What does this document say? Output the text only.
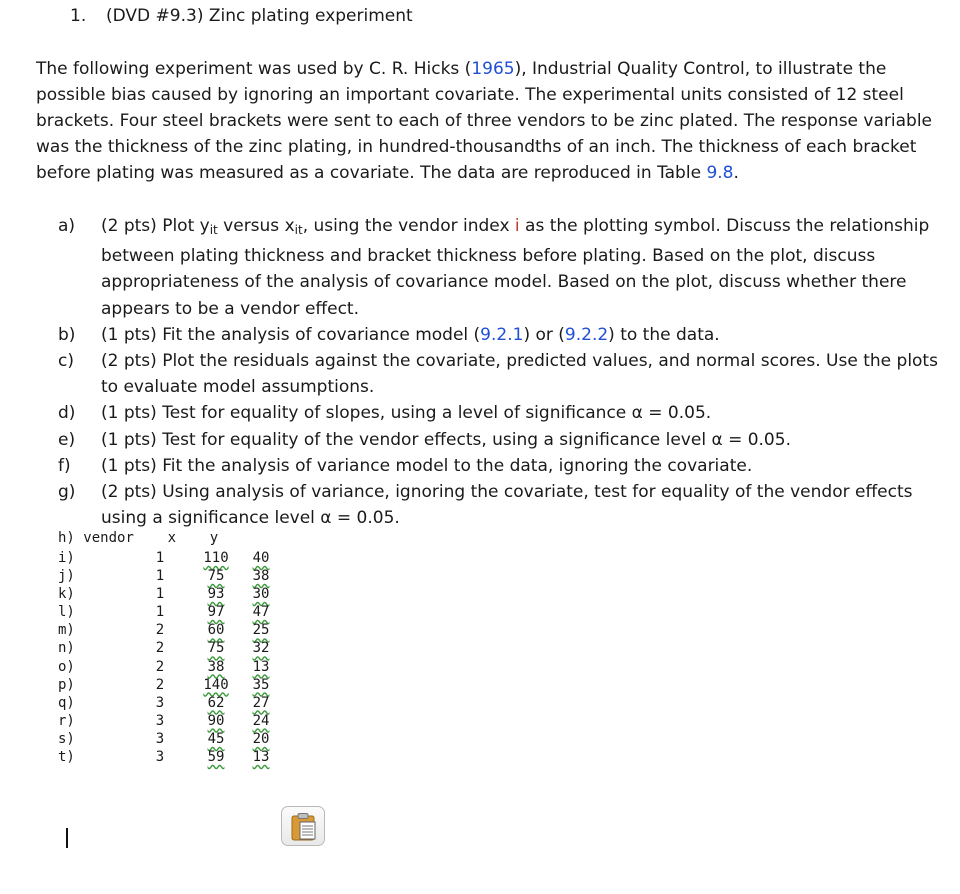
1. (DVD #9.3) Zinc plating experiment
The following experiment was used by C. R. Hicks (1965), Industrial Quality Control, to illustrate the possible bias caused by ignoring an important covariate. The experimental units consisted of 12 steel brackets. Four steel brackets were sent to each of three vendors to be zinc plated. The response variable was the thickness of the zinc plating, in hundred-thousandths of an inch. The thickness of each bracket before plating was measured as a covariate. The data are reproduced in Table 9.8.
a)	(2 pts) Plot $y_{it}$ versus $x_{it}$, using the vendor index i as the plotting symbol. Discuss the relationship between plating thickness and bracket thickness before plating. Based on the plot, discuss appropriateness of the analysis of covariance model. Based on the plot, discuss whether there appears to be a vendor effect.
b)	(1 pts) Fit the analysis of covariance model (9.2.1) or (9.2.2) to the data.
c)	(2 pts) Plot the residuals against the covariate, predicted values, and normal scores. Use the plots to evaluate model assumptions.
d)	(1 pts) Test for equality of slopes, using a level of significance α = 0.05.
e)	(1 pts) Test for equality of the vendor effects, using a significance level α = 0.05.
f)	(1 pts) Fit the analysis of variance model to the data, ignoring the covariate.
g)	(2 pts) Using analysis of variance, ignoring the covariate, test for equality of the vendor effects using a significance level α = 0.05.
h) vendor x y
i)	1	110	40
j)	1	75	38
k)	1	93	30
l)	1	97	47
m)	2	60	25
n)	2	75	32
o)	2	38	13
p)	2	140	35
q)	3	62	27
r)	3	90	24
s)	3	45	20
t)	3	59	13
